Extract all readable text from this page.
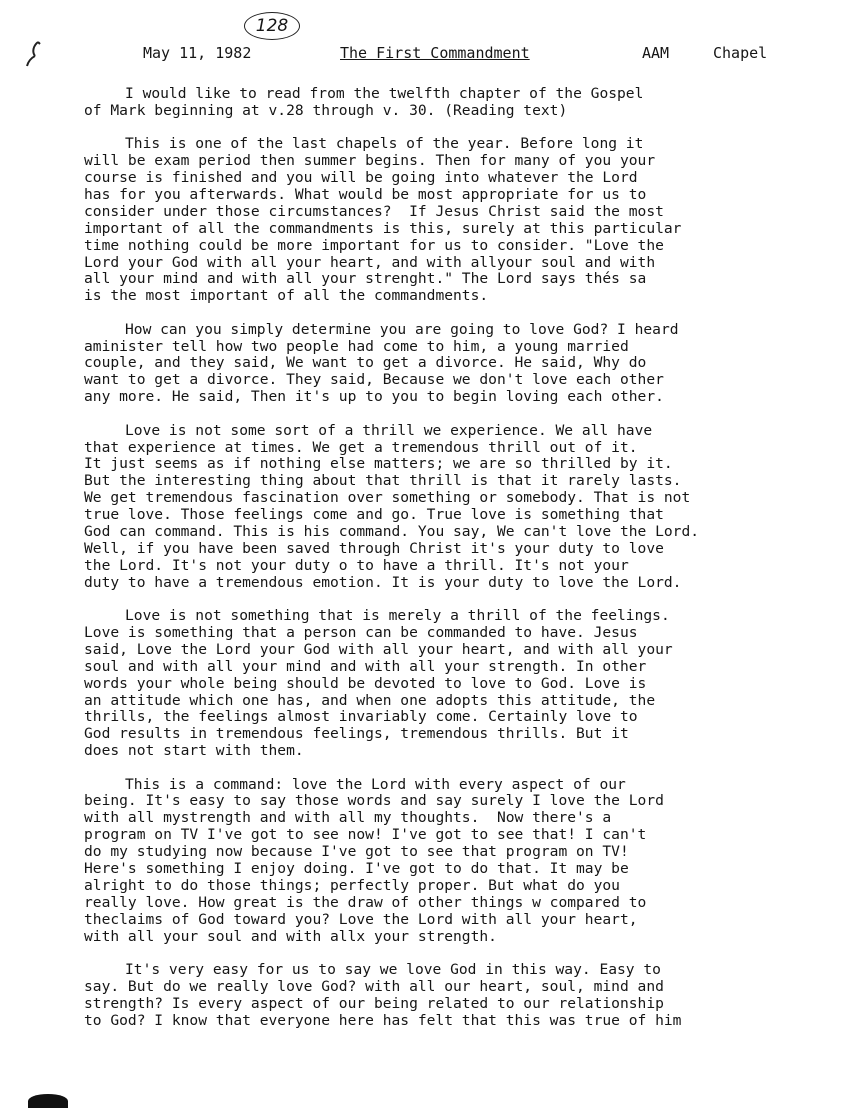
128
May 11, 1982	The First Commandment	AAM	Chapel
I would like to read from the twelfth chapter of the Gospel
of Mark beginning at v.28 through v. 30. (Reading text)
This is one of the last chapels of the year. Before long it
will be exam period then summer begins. Then for many of you your
course is finished and you will be going into whatever the Lord
has for you afterwards. What would be most appropriate for us to
consider under those circumstances?  If Jesus Christ said the most
important of all the commandments is this, surely at this particular
time nothing could be more important for us to consider. "Love the
Lord your God with all your heart, and with allyour soul and with
all your mind and with all your strenght." The Lord says thés sa
is the most important of all the commandments.
How can you simply determine you are going to love God? I heard
aminister tell how two people had come to him, a young married
couple, and they said, We want to get a divorce. He said, Why do
want to get a divorce. They said, Because we don't love each other
any more. He said, Then it's up to you to begin loving each other.
Love is not some sort of a thrill we experience. We all have
that experience at times. We get a tremendous thrill out of it.
It just seems as if nothing else matters; we are so thrilled by it.
But the interesting thing about that thrill is that it rarely lasts.
We get tremendous fascination over something or somebody. That is not
true love. Those feelings come and go. True love is something that
God can command. This is his command. You say, We can't love the Lord.
Well, if you have been saved through Christ it's your duty to love
the Lord. It's not your duty o to have a thrill. It's not your
duty to have a tremendous emotion. It is your duty to love the Lord.
Love is not something that is merely a thrill of the feelings.
Love is something that a person can be commanded to have. Jesus
said, Love the Lord your God with all your heart, and with all your
soul and with all your mind and with all your strength. In other
words your whole being should be devoted to love to God. Love is
an attitude which one has, and when one adopts this attitude, the
thrills, the feelings almost invariably come. Certainly love to
God results in tremendous feelings, tremendous thrills. But it
does not start with them.
This is a command: love the Lord with every aspect of our
being. It's easy to say those words and say surely I love the Lord
with all mystrength and with all my thoughts.  Now there's a
program on TV I've got to see now! I've got to see that! I can't
do my studying now because I've got to see that program on TV!
Here's something I enjoy doing. I've got to do that. It may be
alright to do those things; perfectly proper. But what do you
really love. How great is the draw of other things w compared to
theclaims of God toward you? Love the Lord with all your heart,
with all your soul and with allx your strength.
It's very easy for us to say we love God in this way. Easy to
say. But do we really love God? with all our heart, soul, mind and
strength? Is every aspect of our being related to our relationship
to God? I know that everyone here has felt that this was true of him
